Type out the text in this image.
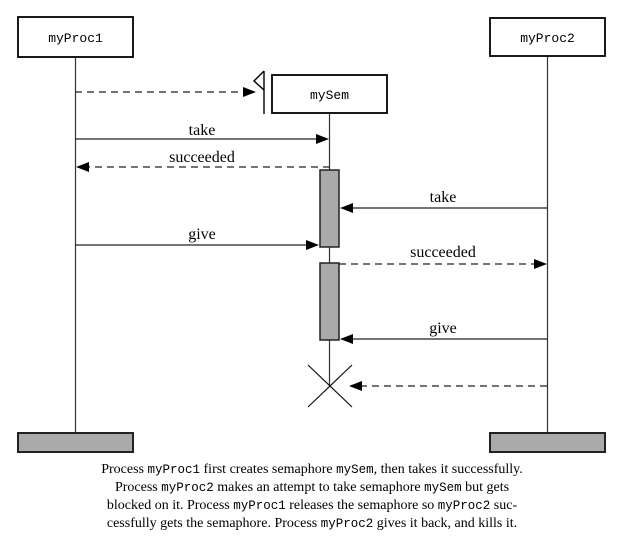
myProc1	myProc2
mySem
take
succeeded
take
give
succeeded
give
Process myProc1 first creates semaphore mySem, then takes it successfully.
Process myProc2 makes an attempt to take semaphore mySem but gets
blocked on it. Process myProc1 releases the semaphore so myProc2 suc-
cessfully gets the semaphore. Process myProc2 gives it back, and kills it.
